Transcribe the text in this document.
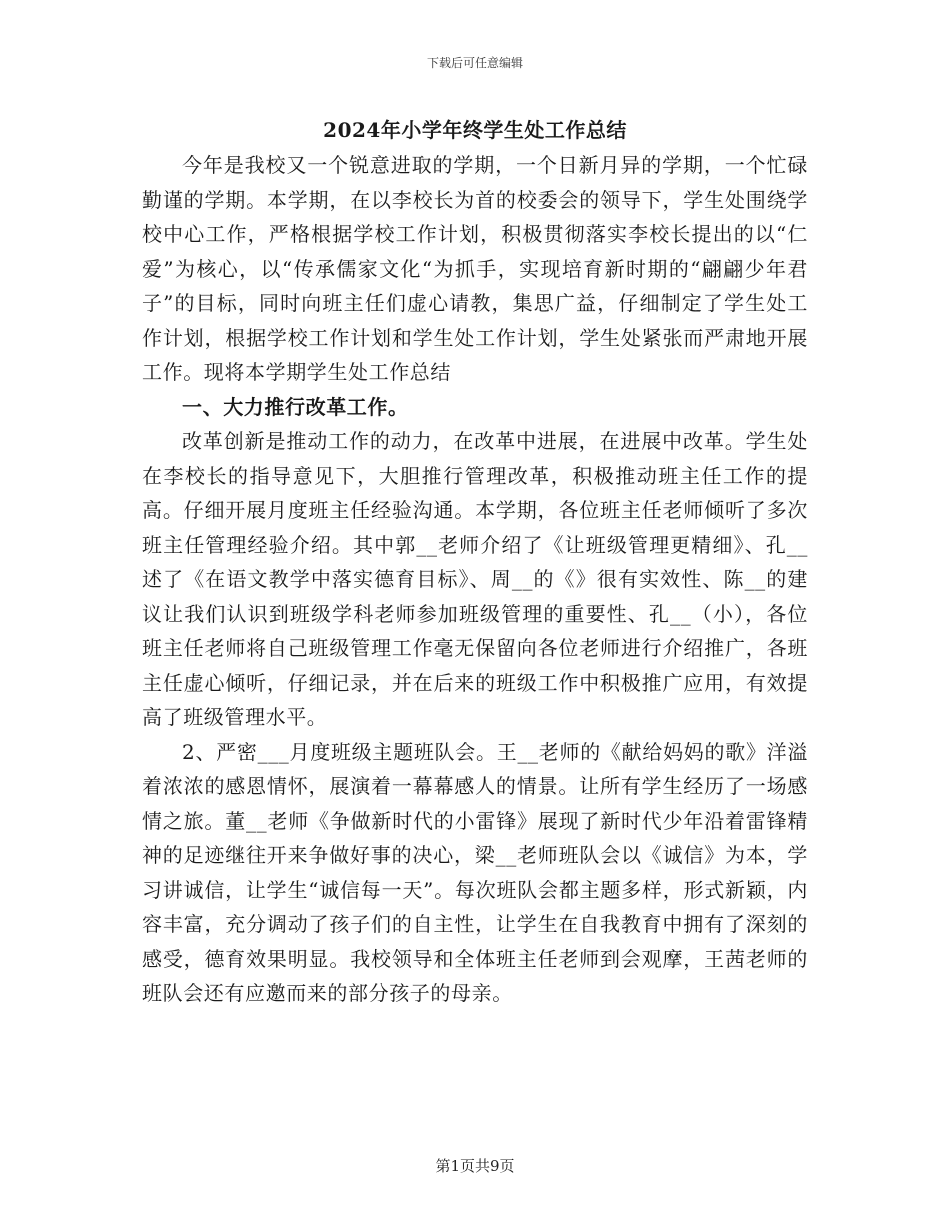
下载后可任意编辑
2024年小学年终学生处工作总结

今年是我校又一个锐意进取的学期，一个日新月异的学期，一个忙碌勤谨的学期。本学期，在以李校长为首的校委会的领导下，学生处围绕学校中心工作，严格根据学校工作计划，积极贯彻落实李校长提出的以“仁爱”为核心，以“传承儒家文化“为抓手，实现培育新时期的“翩翩少年君子”的目标，同时向班主任们虚心请教，集思广益，仔细制定了学生处工作计划，根据学校工作计划和学生处工作计划，学生处紧张而严肃地开展工作。现将本学期学生处工作总结

一、大力推行改革工作。

改革创新是推动工作的动力，在改革中进展，在进展中改革。学生处在李校长的指导意见下，大胆推行管理改革，积极推动班主任工作的提高。仔细开展月度班主任经验沟通。本学期，各位班主任老师倾听了多次班主任管理经验介绍。其中郭__老师介绍了《让班级管理更精细》、孔__述了《在语文教学中落实德育目标》、周__的《》很有实效性、陈__的建议让我们认识到班级学科老师参加班级管理的重要性、孔__（小），各位班主任老师将自己班级管理工作毫无保留向各位老师进行介绍推广，各班主任虚心倾听，仔细记录，并在后来的班级工作中积极推广应用，有效提高了班级管理水平。

2、严密___月度班级主题班队会。王__老师的《献给妈妈的歌》洋溢着浓浓的感恩情怀，展演着一幕幕感人的情景。让所有学生经历了一场感情之旅。董__老师《争做新时代的小雷锋》展现了新时代少年沿着雷锋精神的足迹继往开来争做好事的决心，梁__老师班队会以《诚信》为本，学习讲诚信，让学生“诚信每一天”。每次班队会都主题多样，形式新颖，内容丰富，充分调动了孩子们的自主性，让学生在自我教育中拥有了深刻的感受，德育效果明显。我校领导和全体班主任老师到会观摩，王茜老师的班队会还有应邀而来的部分孩子的母亲。

第1页共9页
